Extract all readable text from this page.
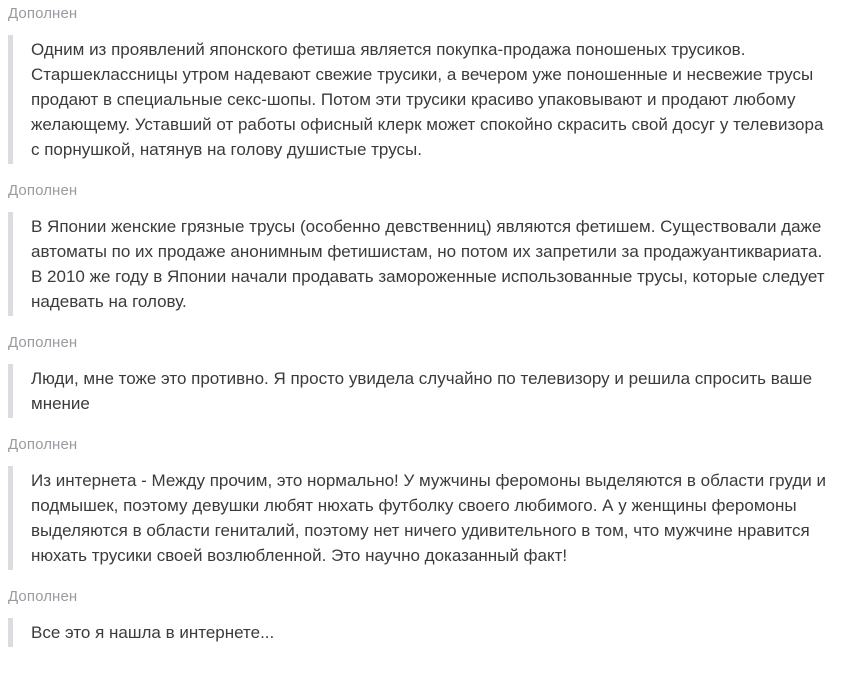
Дополнен

Одним из проявлений японского фетиша является покупка-продажа поношеных трусиков. Старшеклассницы утром надевают свежие трусики, а вечером уже поношенные и несвежие трусы продают в специальные секс-шопы. Потом эти трусики красиво упаковывают и продают любому желающему. Уставший от работы офисный клерк может спокойно скрасить свой досуг у телевизора с порнушкой, натянув на голову душистые трусы.

Дополнен

В Японии женские грязные трусы (особенно девственниц) являются фетишем. Существовали даже автоматы по их продаже анонимным фетишистам, но потом их запретили за продажуантиквариата. В 2010 же году в Японии начали продавать замороженные использованные трусы, которые следует надевать на голову.

Дополнен

Люди, мне тоже это противно. Я просто увидела случайно по телевизору и решила спросить ваше мнение

Дополнен

Из интернета - Между прочим, это нормально! У мужчины феромоны выделяются в области груди и подмышек, поэтому девушки любят нюхать футболку своего любимого. А у женщины феромоны выделяются в области гениталий, поэтому нет ничего удивительного в том, что мужчине нравится нюхать трусики своей возлюбленной. Это научно доказанный факт!

Дополнен

Все это я нашла в интернете...
